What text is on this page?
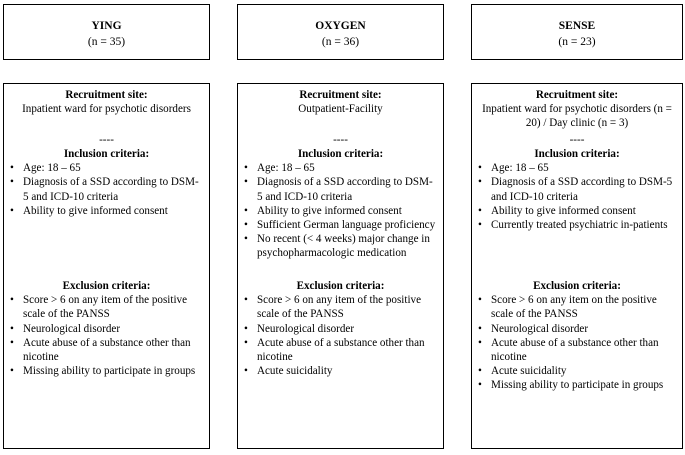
YING
(n = 35)
OXYGEN
(n = 36)
SENSE
(n = 23)
Recruitment site:
Inpatient ward for psychotic disorders
----
Inclusion criteria:
• Age: 18 – 65
• Diagnosis of a SSD according to DSM-5 and ICD-10 criteria
• Ability to give informed consent
Exclusion criteria:
• Score > 6 on any item of the positive scale of the PANSS
• Neurological disorder
• Acute abuse of a substance other than nicotine
• Missing ability to participate in groups
Recruitment site:
Outpatient-Facility
----
Inclusion criteria:
• Age: 18 – 65
• Diagnosis of a SSD according to DSM-5 and ICD-10 criteria
• Ability to give informed consent
• Sufficient German language proficiency
• No recent (< 4 weeks) major change in psychopharmacologic medication
Exclusion criteria:
• Score > 6 on any item of the positive scale of the PANSS
• Neurological disorder
• Acute abuse of a substance other than nicotine
• Acute suicidality
Recruitment site:
Inpatient ward for psychotic disorders (n = 20) / Day clinic (n = 3)
----
Inclusion criteria:
• Age: 18 – 65
• Diagnosis of a SSD according to DSM-5 and ICD-10 criteria
• Ability to give informed consent
• Currently treated psychiatric in-patients
Exclusion criteria:
• Score > 6 on any item on the positive scale of the PANSS
• Neurological disorder
• Acute abuse of a substance other than nicotine
• Acute suicidality
• Missing ability to participate in groups
